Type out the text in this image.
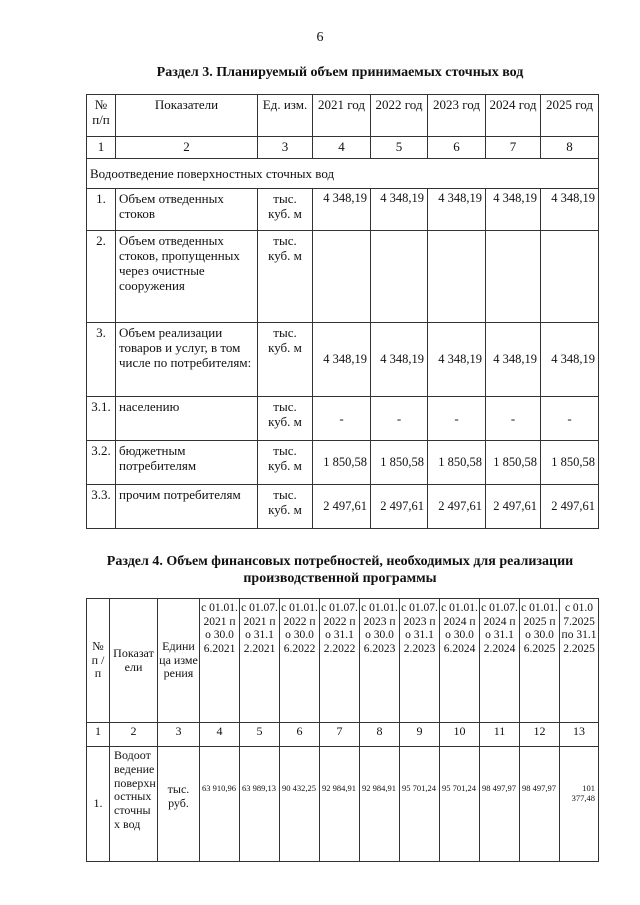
6
Раздел 3. Планируемый объем принимаемых сточных вод
№ п/п	Показатели	Ед. изм.	2021 год	2022 год	2023 год	2024 год	2025 год
1	2	3	4	5	6	7	8
Водоотведение поверхностных сточных вод							
1.	Объем отведенных стоков	тыс. куб. м	4 348,19	4 348,19	4 348,19	4 348,19	4 348,19
2.	Объем отведенных стоков, пропущенных через очистные сооружения	тыс. куб. м					
3.	Объем реализации товаров и услуг, в том числе по потребителям:	тыс. куб. м	4 348,19	4 348,19	4 348,19	4 348,19	4 348,19
3.1.	населению	тыс. куб. м	-	-	-	-	-
3.2.	бюджетным потребителям	тыс. куб. м	1 850,58	1 850,58	1 850,58	1 850,58	1 850,58
3.3.	прочим потребителям	тыс. куб. м	2 497,61	2 497,61	2 497,61	2 497,61	2 497,61
Раздел 4. Объем финансовых потребностей, необходимых для реализации производственной программы
№ п / п	Показатели	Единица измерения	с 01.01.2021 по 30.06.2021	с 01.07.2021 по 31.12.2021	с 01.01.2022 по 30.06.2022	с 01.07.2022 по 31.12.2022	с 01.01.2023 по 30.06.2023	с 01.07.2023 по 31.12.2023	с 01.01.2024 по 30.06.2024	с 01.07.2024 по 31.12.2024	с 01.01.2025 по 30.06.2025	с 01.07.2025 по 31.12.2025
1	2	3	4	5	6	7	8	9	10	11	12	13
1.	Водоотведение поверхностных сточных вод	тыс. руб.	63 910,96	63 989,13	90 432,25	92 984,91	92 984,91	95 701,24	95 701,24	98 497,97	98 497,97	101 377,48
